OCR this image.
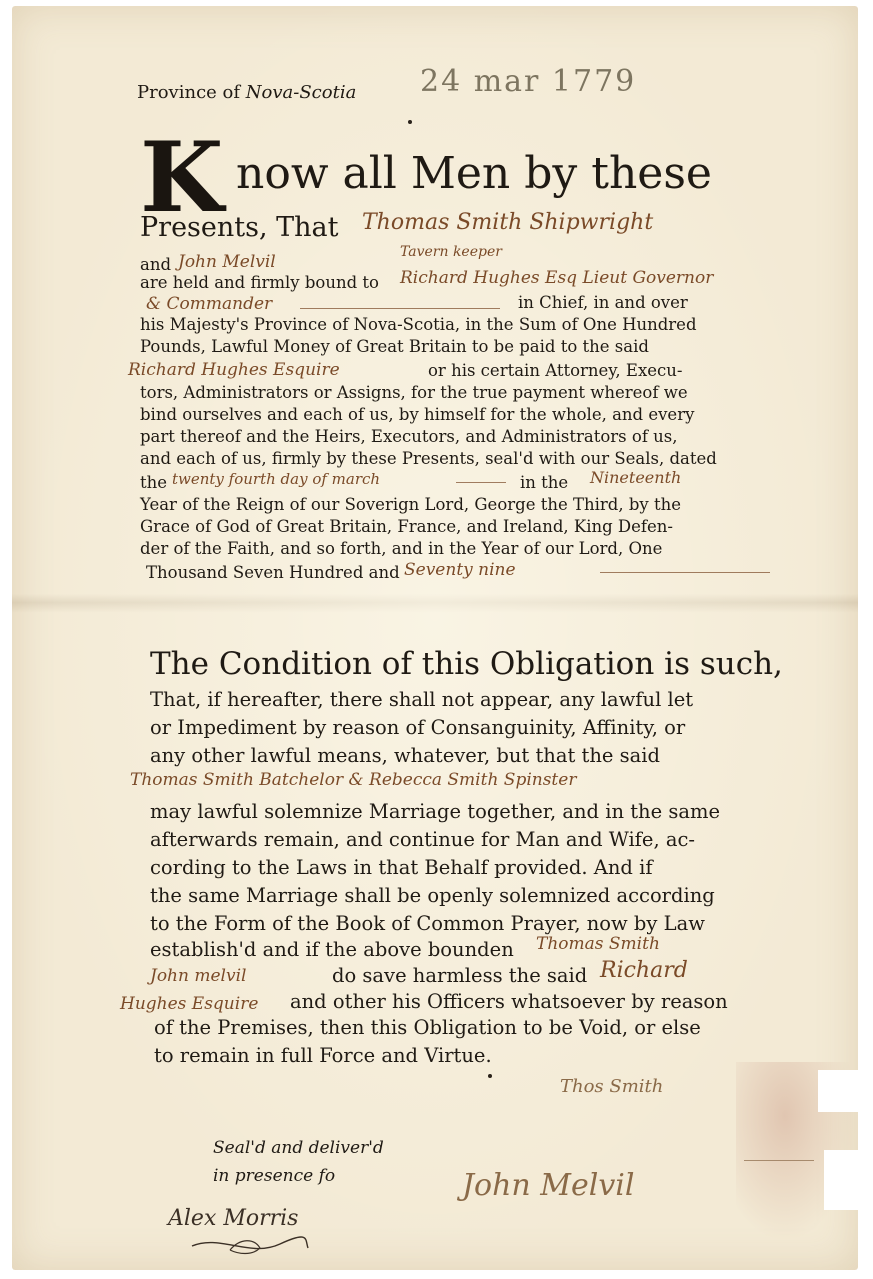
Province of Nova-Scotia 24 mar 1779
K now all Men by these
Presents, That Thomas Smith Shipwright
and John Melvil	Tavern keeper
are held and firmly bound to Richard Hughes Esq Lieut Governor
& Commander	in Chief, in and over
his Majesty's Province of Nova-Scotia, in the Sum of One Hundred
Pounds, Lawful Money of Great Britain to be paid to the said
Richard Hughes Esquire	or his certain Attorney, Execu-
tors, Administrators or Assigns, for the true payment whereof we
bind ourselves and each of us, by himself for the whole, and every
part thereof and the Heirs, Executors, and Administrators of us,
and each of us, firmly by these Presents, seal'd with our Seals, dated
the twenty fourth day of march	in the Nineteenth
Year of the Reign of our Soverign Lord, George the Third, by the
Grace of God of Great Britain, France, and Ireland, King Defen-
der of the Faith, and so forth, and in the Year of our Lord, One
Thousand Seven Hundred and Seventy nine
The Condition of this Obligation is such,
That, if hereafter, there shall not appear, any lawful let
or Impediment by reason of Consanguinity, Affinity, or
any other lawful means, whatever, but that the said
Thomas Smith Batchelor & Rebecca Smith Spinster
may lawful solemnize Marriage together, and in the same
afterwards remain, and continue for Man and Wife, ac-
cording to the Laws in that Behalf provided. And if
the same Marriage shall be openly solemnized according
to the Form of the Book of Common Prayer, now by Law
establish'd and if the above bounden Thomas Smith
John melvil	do save harmless the said Richard
Hughes Esquire and other his Officers whatsoever by reason
of the Premises, then this Obligation to be Void, or else
to remain in full Force and Virtue.
Thos Smith
Seal'd and deliver'd
in presence fo
Alex Morris
John Melvil
